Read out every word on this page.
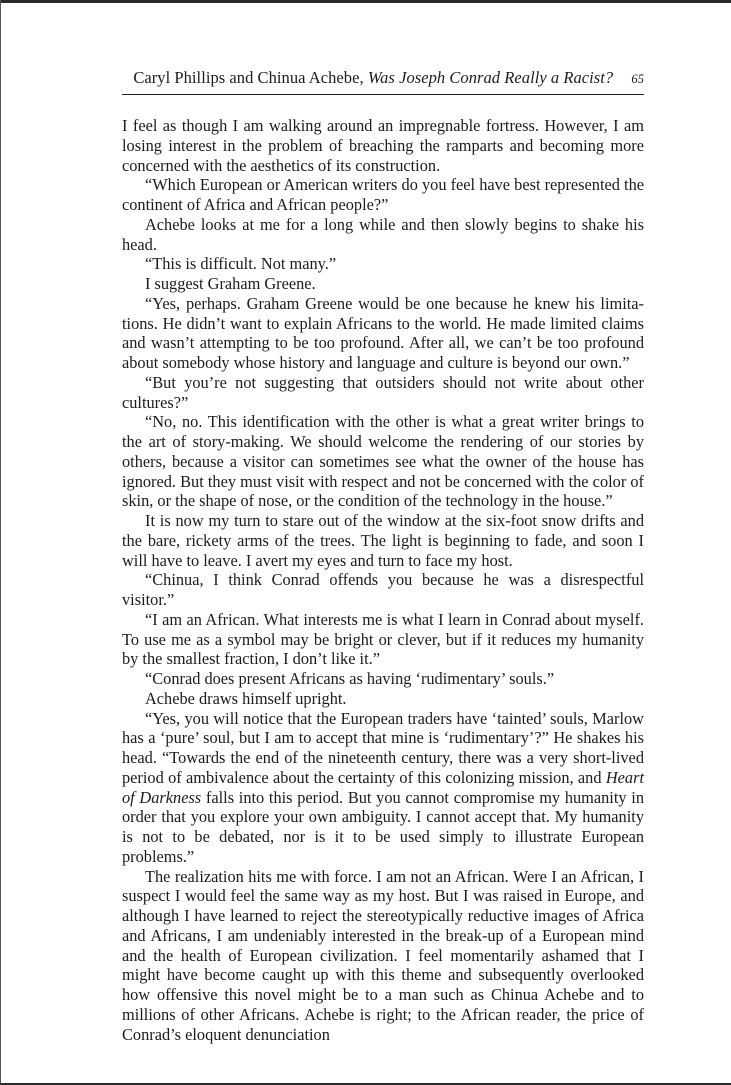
Caryl Phillips and Chinua Achebe, Was Joseph Conrad Really a Racist? 65

I feel as though I am walking around an impregnable fortress. However, I am losing interest in the problem of breaching the ramparts and becoming more concerned with the aesthetics of its construction.

“Which European or American writers do you feel have best represented the continent of Africa and African people?”

Achebe looks at me for a long while and then slowly begins to shake his head.

“This is difficult. Not many.”

I suggest Graham Greene.

“Yes, perhaps. Graham Greene would be one because he knew his limitations. He didn’t want to explain Africans to the world. He made limited claims and wasn’t attempting to be too profound. After all, we can’t be too profound about somebody whose history and language and culture is beyond our own.”

“But you’re not suggesting that outsiders should not write about other cultures?”

“No, no. This identification with the other is what a great writer brings to the art of story-making. We should welcome the rendering of our stories by others, because a visitor can sometimes see what the owner of the house has ignored. But they must visit with respect and not be concerned with the color of skin, or the shape of nose, or the condition of the technology in the house.”

It is now my turn to stare out of the window at the six-foot snow drifts and the bare, rickety arms of the trees. The light is beginning to fade, and soon I will have to leave. I avert my eyes and turn to face my host.

“Chinua, I think Conrad offends you because he was a disrespectful visitor.”

“I am an African. What interests me is what I learn in Conrad about myself. To use me as a symbol may be bright or clever, but if it reduces my humanity by the smallest fraction, I don’t like it.”

“Conrad does present Africans as having ‘rudimentary’ souls.”

Achebe draws himself upright.

“Yes, you will notice that the European traders have ‘tainted’ souls, Marlow has a ‘pure’ soul, but I am to accept that mine is ‘rudimentary’?” He shakes his head. “Towards the end of the nineteenth century, there was a very short-lived period of ambivalence about the certainty of this colonizing mission, and Heart of Darkness falls into this period. But you cannot compromise my humanity in order that you explore your own ambiguity. I cannot accept that. My humanity is not to be debated, nor is it to be used simply to illustrate European problems.”

The realization hits me with force. I am not an African. Were I an African, I suspect I would feel the same way as my host. But I was raised in Europe, and although I have learned to reject the stereotypically reductive images of Africa and Africans, I am undeniably interested in the break-up of a European mind and the health of European civilization. I feel momentarily ashamed that I might have become caught up with this theme and subsequently overlooked how offensive this novel might be to a man such as Chinua Achebe and to millions of other Africans. Achebe is right; to the African reader, the price of Conrad’s eloquent denunciation
